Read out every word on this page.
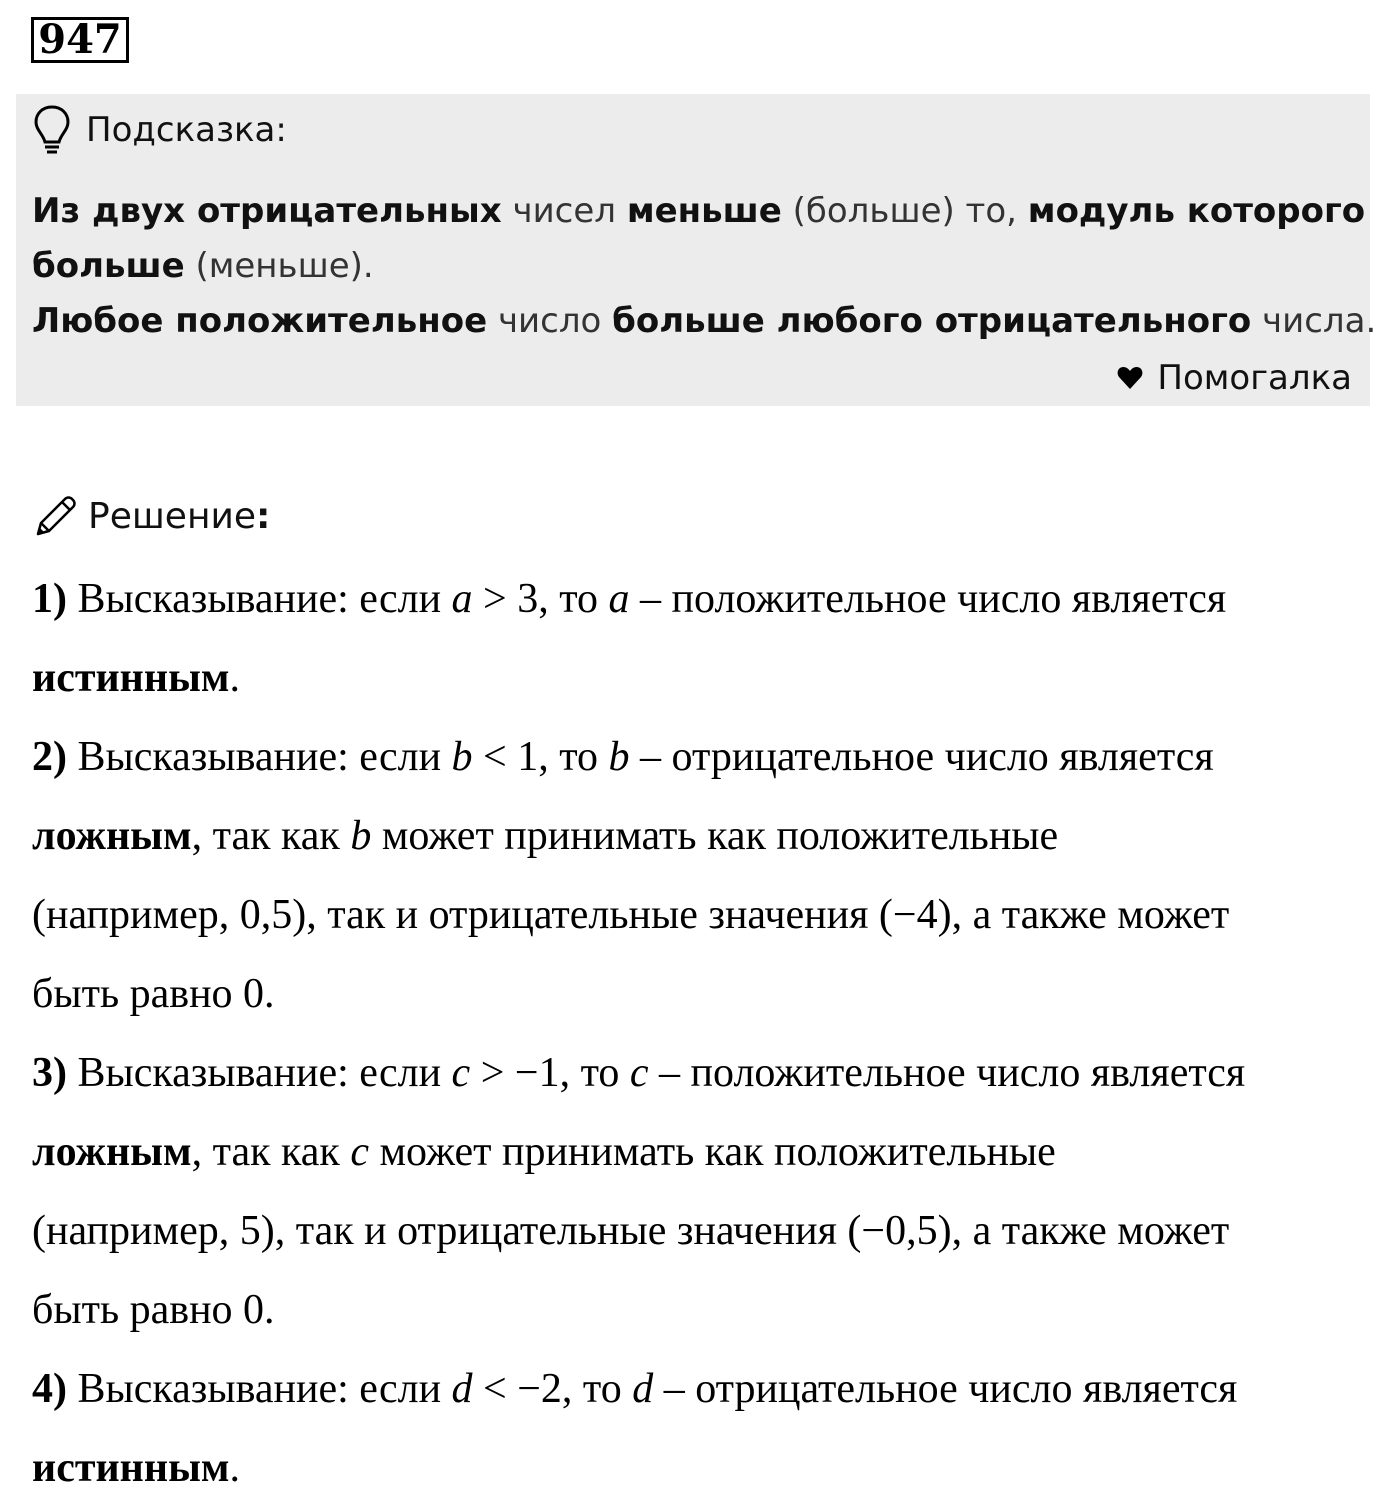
947
Подсказка:
Из двух отрицательных чисел меньше (больше) то, модуль которого
больше (меньше).
Любое положительное число больше любого отрицательного числа.
Помогалка
Решение :
1) Высказывание: если a > 3, то a – положительное число является
истинным.
2) Высказывание: если b < 1, то b – отрицательное число является
ложным, так как b может принимать как положительные
(например, 0,5), так и отрицательные значения (−4), а также может
быть равно 0.
3) Высказывание: если c > −1, то c – положительное число является
ложным, так как c может принимать как положительные
(например, 5), так и отрицательные значения (−0,5), а также может
быть равно 0.
4) Высказывание: если d < −2, то d – отрицательное число является
истинным.
